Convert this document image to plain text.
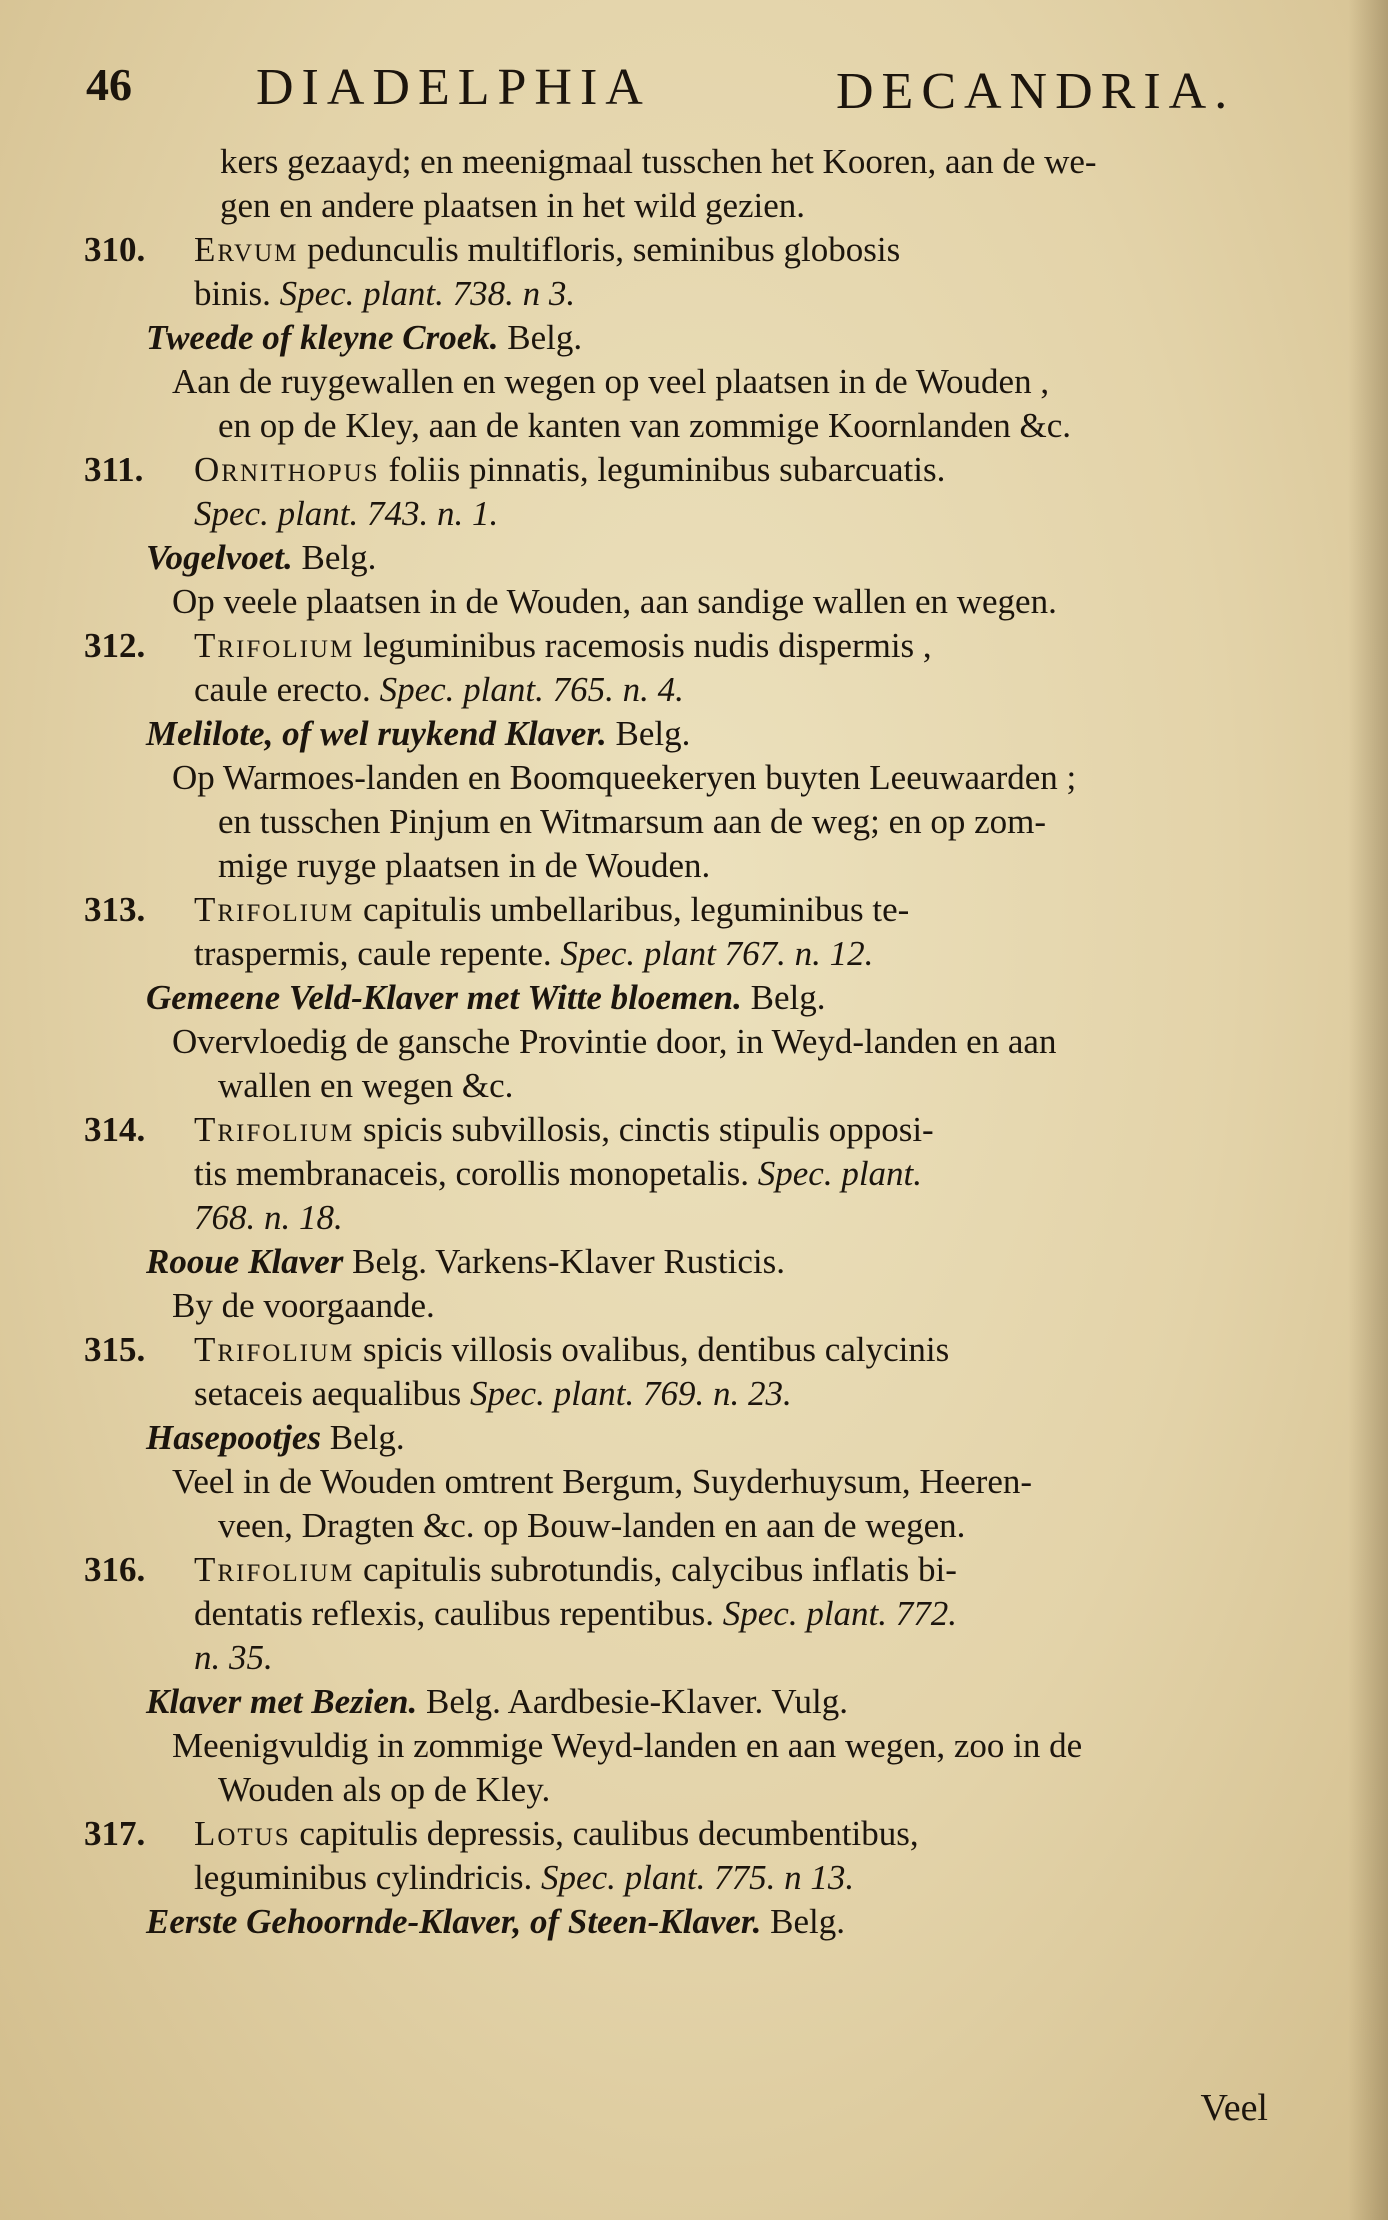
46 DIADELPHIA	DECANDRIA.
kers gezaayd; en meenigmaal tusschen het Kooren, aan de we-
gen en andere plaatsen in het wild gezien.
310. Ervum pedunculis multifloris, seminibus globosis
binis. Spec. plant. 738. n 3.
Tweede of kleyne Croek. Belg.
Aan de ruygewallen en wegen op veel plaatsen in de Wouden ,
en op de Kley, aan de kanten van zommige Koornlanden &c.
311. Ornithopus foliis pinnatis, leguminibus subarcuatis.
Spec. plant. 743. n. 1.
Vogelvoet. Belg.
Op veele plaatsen in de Wouden, aan sandige wallen en wegen.
312. Trifolium leguminibus racemosis nudis dispermis ,
caule erecto. Spec. plant. 765. n. 4.
Melilote, of wel ruykend Klaver. Belg.
Op Warmoes-landen en Boomqueekeryen buyten Leeuwaarden ;
en tusschen Pinjum en Witmarsum aan de weg; en op zom-
mige ruyge plaatsen in de Wouden.
313. Trifolium capitulis umbellaribus, leguminibus te-
traspermis, caule repente. Spec. plant 767. n. 12.
Gemeene Veld-Klaver met Witte bloemen. Belg.
Overvloedig de gansche Provintie door, in Weyd-landen en aan
wallen en wegen &c.
314. Trifolium spicis subvillosis, cinctis stipulis opposi-
tis membranaceis, corollis monopetalis. Spec. plant.
768. n. 18.
Rooue Klaver Belg. Varkens-Klaver Rusticis.
By de voorgaande.
315. Trifolium spicis villosis ovalibus, dentibus calycinis
setaceis aequalibus Spec. plant. 769. n. 23.
Hasepootjes Belg.
Veel in de Wouden omtrent Bergum, Suyderhuysum, Heeren-
veen, Dragten &c. op Bouw-landen en aan de wegen.
316. Trifolium capitulis subrotundis, calycibus inflatis bi-
dentatis reflexis, caulibus repentibus. Spec. plant. 772.
n. 35.
Klaver met Bezien. Belg. Aardbesie-Klaver. Vulg.
Meenigvuldig in zommige Weyd-landen en aan wegen, zoo in de
Wouden als op de Kley.
317. Lotus capitulis depressis, caulibus decumbentibus,
leguminibus cylindricis. Spec. plant. 775. n 13.
Eerste Gehoornde-Klaver, of Steen-Klaver. Belg.
Veel
